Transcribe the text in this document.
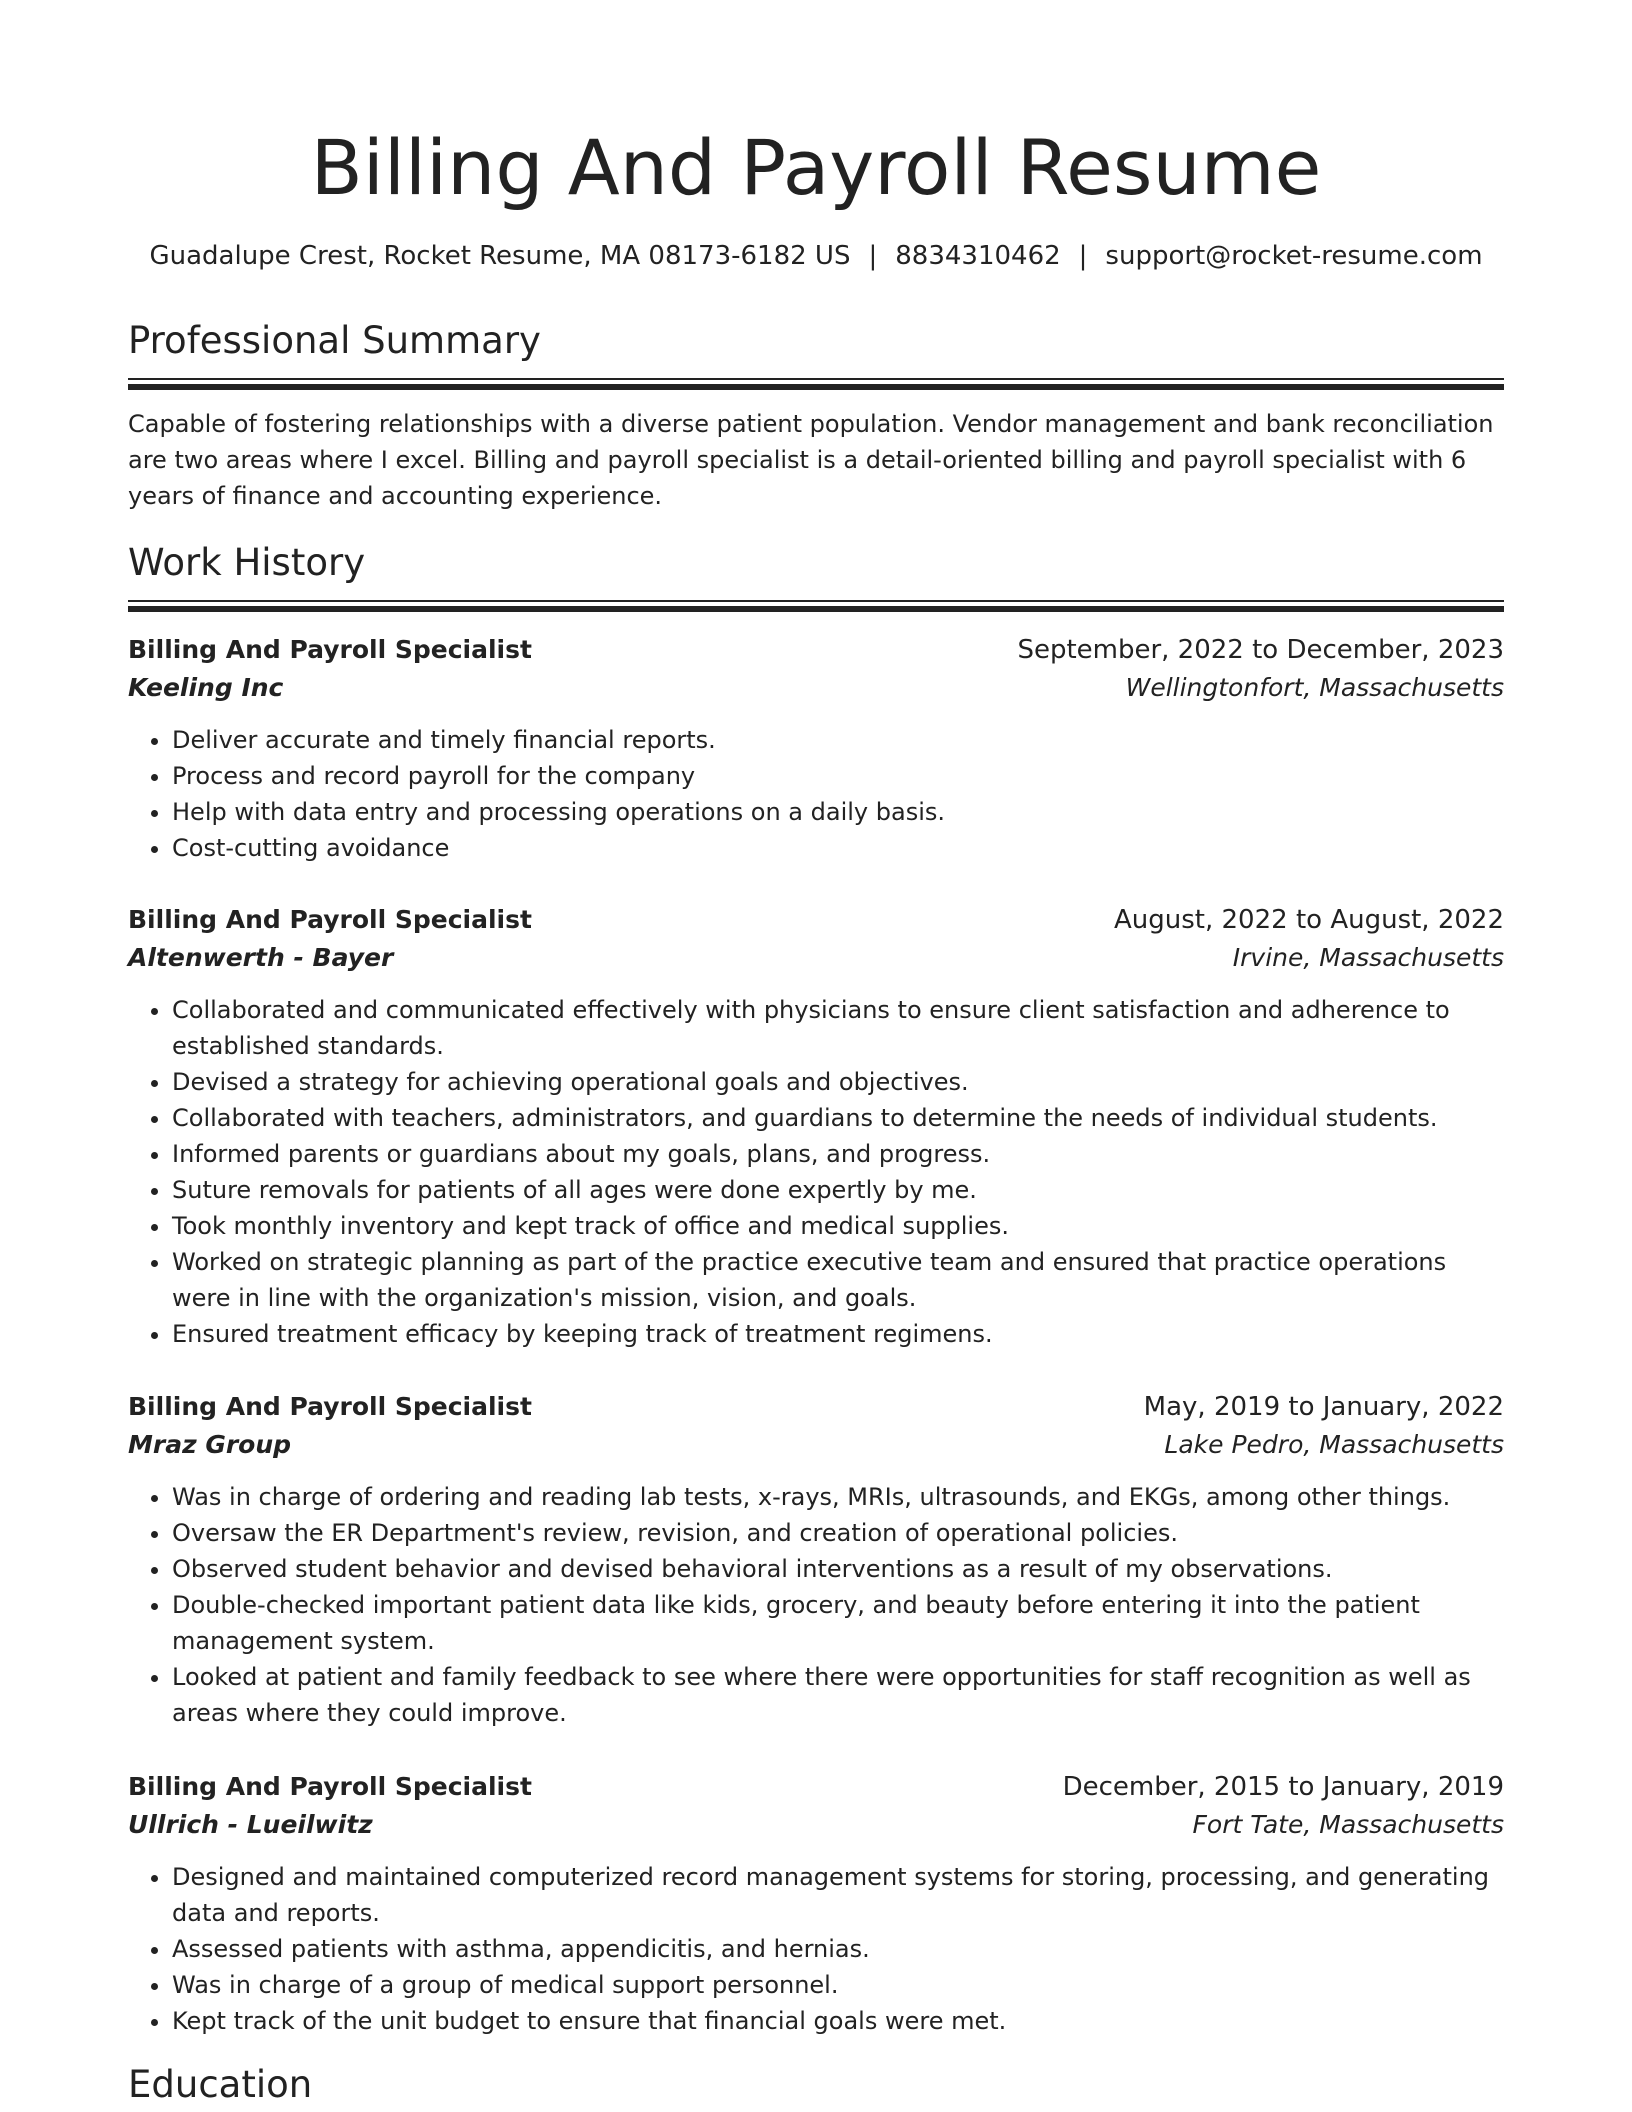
Billing And Payroll Resume
Guadalupe Crest, Rocket Resume, MA 08173-6182 US | 8834310462 | support@rocket-resume.com
Professional Summary
Capable of fostering relationships with a diverse patient population. Vendor management and bank reconciliation are two areas where I excel. Billing and payroll specialist is a detail-oriented billing and payroll specialist with 6 years of finance and accounting experience.
Work History
Billing And Payroll Specialist	September, 2022 to December, 2023
Keeling Inc	Wellingtonfort, Massachusetts
• Deliver accurate and timely financial reports.
• Process and record payroll for the company
• Help with data entry and processing operations on a daily basis.
• Cost-cutting avoidance
Billing And Payroll Specialist	August, 2022 to August, 2022
Altenwerth - Bayer	Irvine, Massachusetts
• Collaborated and communicated effectively with physicians to ensure client satisfaction and adherence to established standards.
• Devised a strategy for achieving operational goals and objectives.
• Collaborated with teachers, administrators, and guardians to determine the needs of individual students.
• Informed parents or guardians about my goals, plans, and progress.
• Suture removals for patients of all ages were done expertly by me.
• Took monthly inventory and kept track of office and medical supplies.
• Worked on strategic planning as part of the practice executive team and ensured that practice operations were in line with the organization's mission, vision, and goals.
• Ensured treatment efficacy by keeping track of treatment regimens.
Billing And Payroll Specialist	May, 2019 to January, 2022
Mraz Group	Lake Pedro, Massachusetts
• Was in charge of ordering and reading lab tests, x-rays, MRIs, ultrasounds, and EKGs, among other things.
• Oversaw the ER Department's review, revision, and creation of operational policies.
• Observed student behavior and devised behavioral interventions as a result of my observations.
• Double-checked important patient data like kids, grocery, and beauty before entering it into the patient management system.
• Looked at patient and family feedback to see where there were opportunities for staff recognition as well as areas where they could improve.
Billing And Payroll Specialist	December, 2015 to January, 2019
Ullrich - Lueilwitz	Fort Tate, Massachusetts
• Designed and maintained computerized record management systems for storing, processing, and generating data and reports.
• Assessed patients with asthma, appendicitis, and hernias.
• Was in charge of a group of medical support personnel.
• Kept track of the unit budget to ensure that financial goals were met.
Education
